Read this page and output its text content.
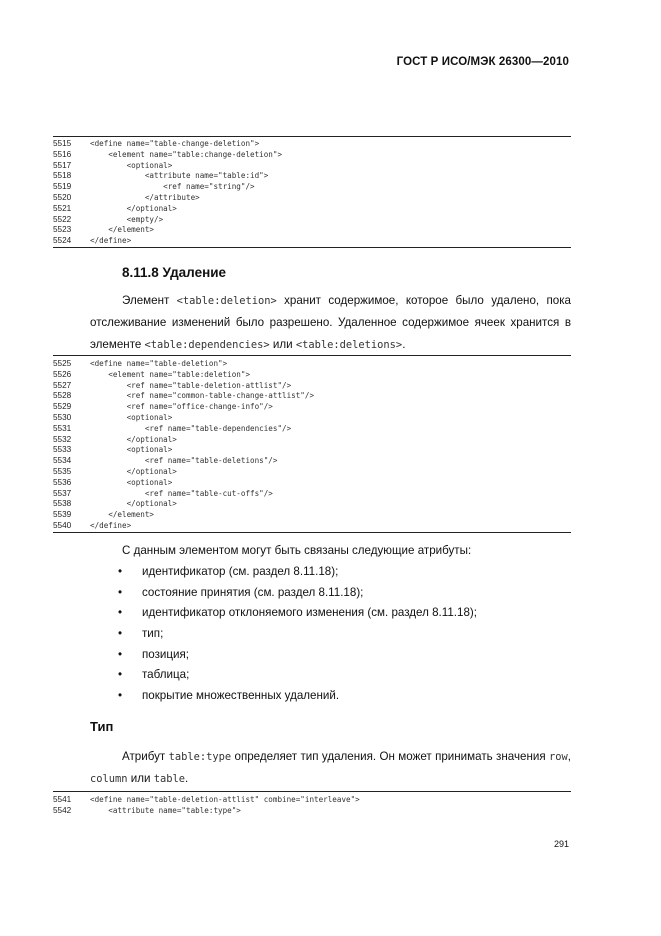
ГОСТ Р ИСО/МЭК 26300—2010
5515	<define name="table-change-deletion">
5516	<element name="table:change-deletion">
5517	<optional>
5518	<attribute name="table:id">
5519	<ref name="string"/>
5520	</attribute>
5521	</optional>
5522	<empty/>
5523	</element>
5524	</define>
8.11.8 Удаление
Элемент <table:deletion> хранит содержимое, которое было удалено, пока отслеживание изменений было разрешено. Удаленное содержимое ячеек хранится в элементе <table:dependencies> или <table:deletions>.
5525	<define name="table-deletion">
5526	<element name="table:deletion">
5527	<ref name="table-deletion-attlist"/>
5528	<ref name="common-table-change-attlist"/>
5529	<ref name="office-change-info"/>
5530	<optional>
5531	<ref name="table-dependencies"/>
5532	</optional>
5533	<optional>
5534	<ref name="table-deletions"/>
5535	</optional>
5536	<optional>
5537	<ref name="table-cut-offs"/>
5538	</optional>
5539	</element>
5540	</define>
С данным элементом могут быть связаны следующие атрибуты:
• идентификатор (см. раздел 8.11.18);
• состояние принятия (см. раздел 8.11.18);
• идентификатор отклоняемого изменения (см. раздел 8.11.18);
• тип;
• позиция;
• таблица;
• покрытие множественных удалений.
Тип
Атрибут table:type определяет тип удаления. Он может принимать значения row, column или table.
5541	<define name="table-deletion-attlist" combine="interleave">
5542	<attribute name="table:type">
291
